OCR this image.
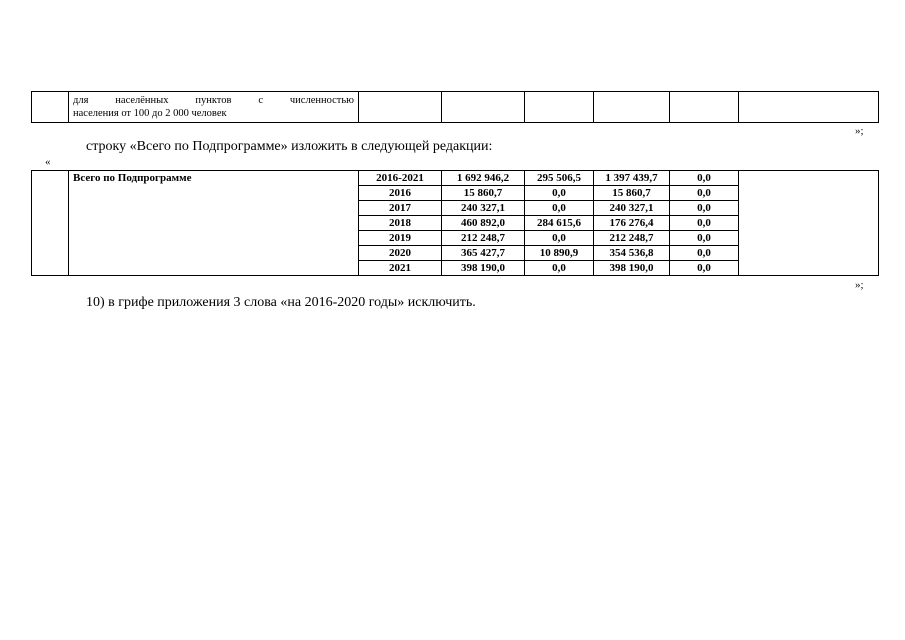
для населённых пунктов с численностью
населения от 100 до 2 000 человек						
»;
строку «Всего по Подпрограмме» изложить в следующей редакции:
«
	Всего по Подпрограмме	2016-2021	1 692 946,2	295 506,5	1 397 439,7	0,0	
		2016	15 860,7	0,0	15 860,7	0,0	
		2017	240 327,1	0,0	240 327,1	0,0	
		2018	460 892,0	284 615,6	176 276,4	0,0	
		2019	212 248,7	0,0	212 248,7	0,0	
		2020	365 427,7	10 890,9	354 536,8	0,0	
		2021	398 190,0	0,0	398 190,0	0,0	
»;
10) в грифе приложения 3 слова «на 2016-2020 годы» исключить.
